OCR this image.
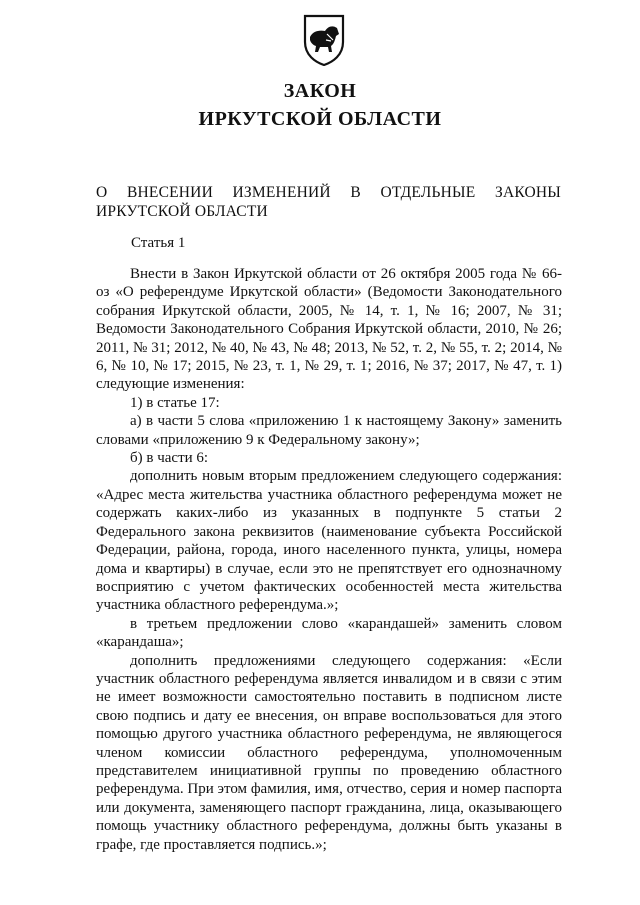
ЗАКОН
ИРКУТСКОЙ ОБЛАСТИ
О ВНЕСЕНИИ ИЗМЕНЕНИЙ В ОТДЕЛЬНЫЕ ЗАКОНЫ ИРКУТСКОЙ ОБЛАСТИ
Статья 1

Внести в Закон Иркутской области от 26 октября 2005 года № 66-оз «О референдуме Иркутской области» (Ведомости Законодательного собрания Иркутской области, 2005, № 14, т. 1, № 16; 2007, № 31; Ведомости Законодательного Собрания Иркутской области, 2010, № 26; 2011, № 31; 2012, № 40, № 43, № 48; 2013, № 52, т. 2, № 55, т. 2; 2014, № 6, № 10, № 17; 2015, № 23, т. 1, № 29, т. 1; 2016, № 37; 2017, № 47, т. 1) следующие изменения:

1) в статье 17:

а) в части 5 слова «приложению 1 к настоящему Закону» заменить словами «приложению 9 к Федеральному закону»;

б) в части 6:

дополнить новым вторым предложением следующего содержания: «Адрес места жительства участника областного референдума может не содержать каких-либо из указанных в подпункте 5 статьи 2 Федерального закона реквизитов (наименование субъекта Российской Федерации, района, города, иного населенного пункта, улицы, номера дома и квартиры) в случае, если это не препятствует его однозначному восприятию с учетом фактических особенностей места жительства участника областного референдума.»;

в третьем предложении слово «карандашей» заменить словом «карандаша»;

дополнить предложениями следующего содержания: «Если участник областного референдума является инвалидом и в связи с этим не имеет возможности самостоятельно поставить в подписном листе свою подпись и дату ее внесения, он вправе воспользоваться для этого помощью другого участника областного референдума, не являющегося членом комиссии областного референдума, уполномоченным представителем инициативной группы по проведению областного референдума. При этом фамилия, имя, отчество, серия и номер паспорта или документа, заменяющего паспорт гражданина, лица, оказывающего помощь участнику областного референдума, должны быть указаны в графе, где проставляется подпись.»;
